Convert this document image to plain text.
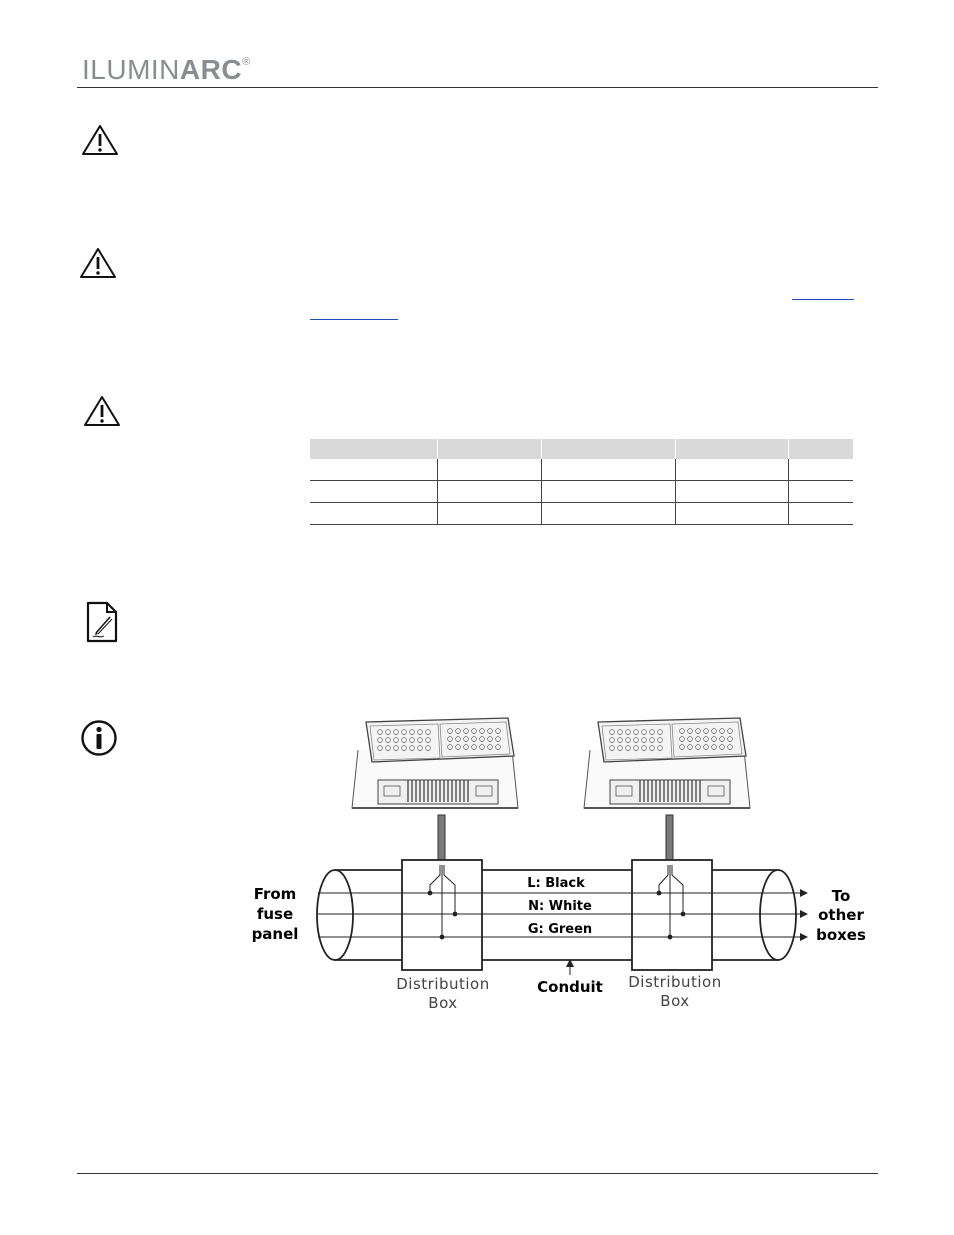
ILUMINARC®

L: Black
N: White
G: Green
Conduit
From
fuse
panel
To
other
boxes
Distribution
Box
Distribution
Box
